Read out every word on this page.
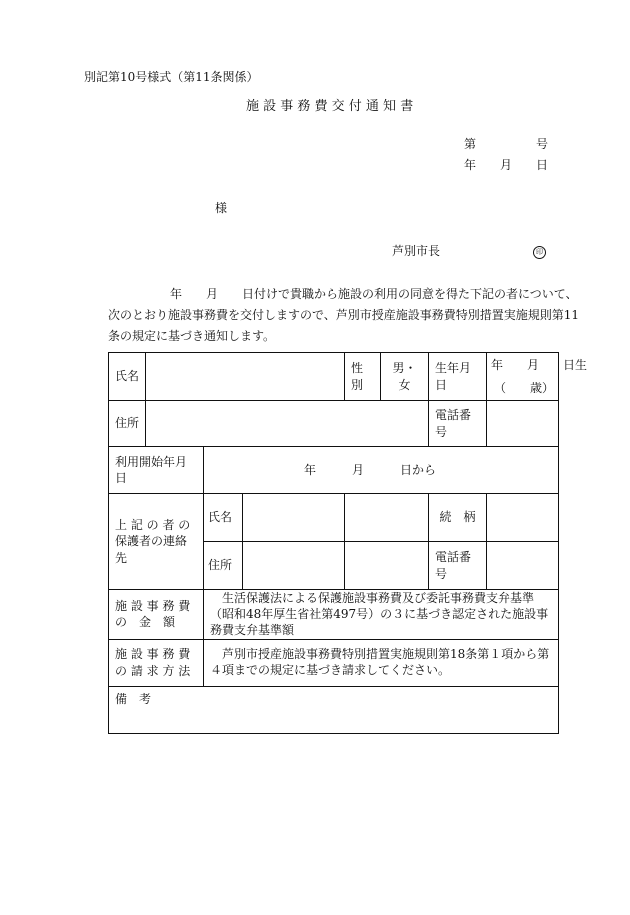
別記第10号様式（第11条関係）
施 設 事 務 費 交 付 通 知 書
第	号
年 月 日
様
芦別市長	印
年　　月　　日付けで貴職から施設の利用の同意を得た下記の者について、
次のとおり施設事務費を交付しますので、芦別市授産施設事務費特別措置実施規則第11
条の規定に基づき通知します。
氏名			性別	男・女	生年月日	年　　月　　日生
（　　歳）

住所					電話番号	
利用開始年月日		年　　　月　　　日から				

上 記 の 者 の
保護者の連絡先		氏名			続　柄	

		住所			電話番号	

施 設 事 務 費
の　金　額		　生活保護法による保護施設事務費及び委託事務費支弁基準（昭和48年厚生省社第497号）の３に基づき認定された施設事務費支弁基準額				

施 設 事 務 費
の 請 求 方 法		　芦別市授産施設事務費特別措置実施規則第18条第１項から第４項までの規定に基づき請求してください。				
備　考						
